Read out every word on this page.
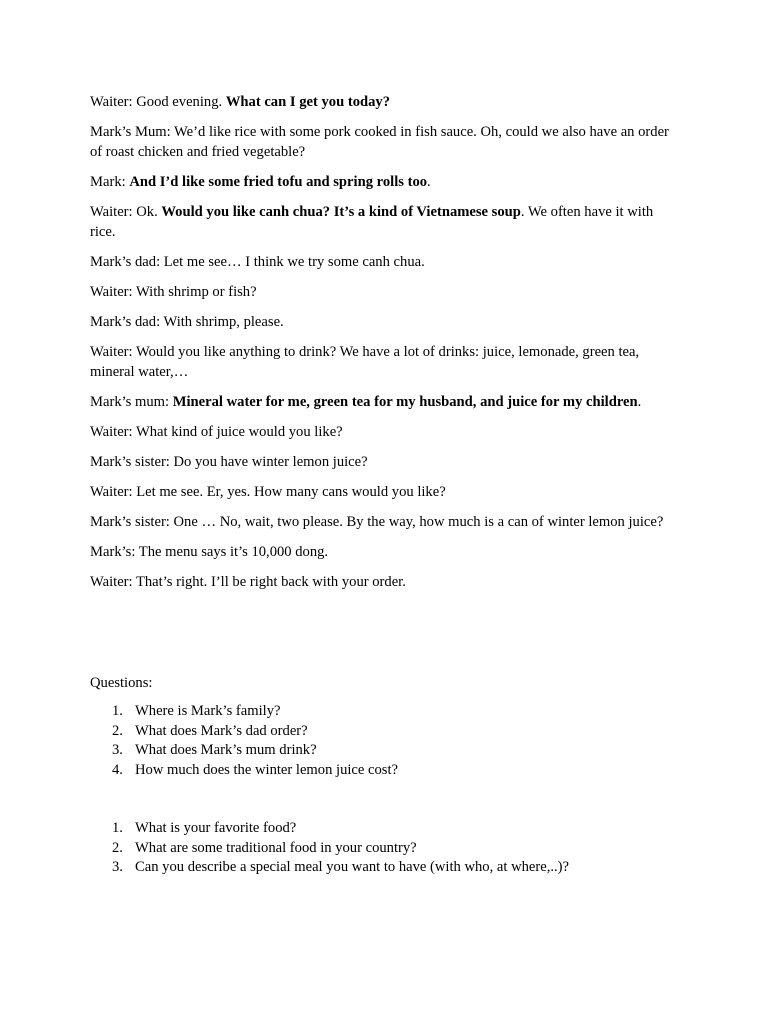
Waiter: Good evening. What can I get you today?

Mark’s Mum: We’d like rice with some pork cooked in fish sauce. Oh, could we also have an order of roast chicken and fried vegetable?

Mark: And I’d like some fried tofu and spring rolls too.

Waiter: Ok. Would you like canh chua? It’s a kind of Vietnamese soup. We often have it with rice.

Mark’s dad: Let me see… I think we try some canh chua.

Waiter: With shrimp or fish?

Mark’s dad: With shrimp, please.

Waiter: Would you like anything to drink? We have a lot of drinks: juice, lemonade, green tea, mineral water,…

Mark’s mum: Mineral water for me, green tea for my husband, and juice for my children.

Waiter: What kind of juice would you like?

Mark’s sister: Do you have winter lemon juice?

Waiter: Let me see. Er, yes. How many cans would you like?

Mark’s sister: One … No, wait, two please. By the way, how much is a can of winter lemon juice?

Mark’s: The menu says it’s 10,000 dong.

Waiter: That’s right. I’ll be right back with your order.

Questions:

1. Where is Mark’s family?
2. What does Mark’s dad order?
3. What does Mark’s mum drink?
4. How much does the winter lemon juice cost?
1. What is your favorite food?
2. What are some traditional food in your country?
3. Can you describe a special meal you want to have (with who, at where,..)?
